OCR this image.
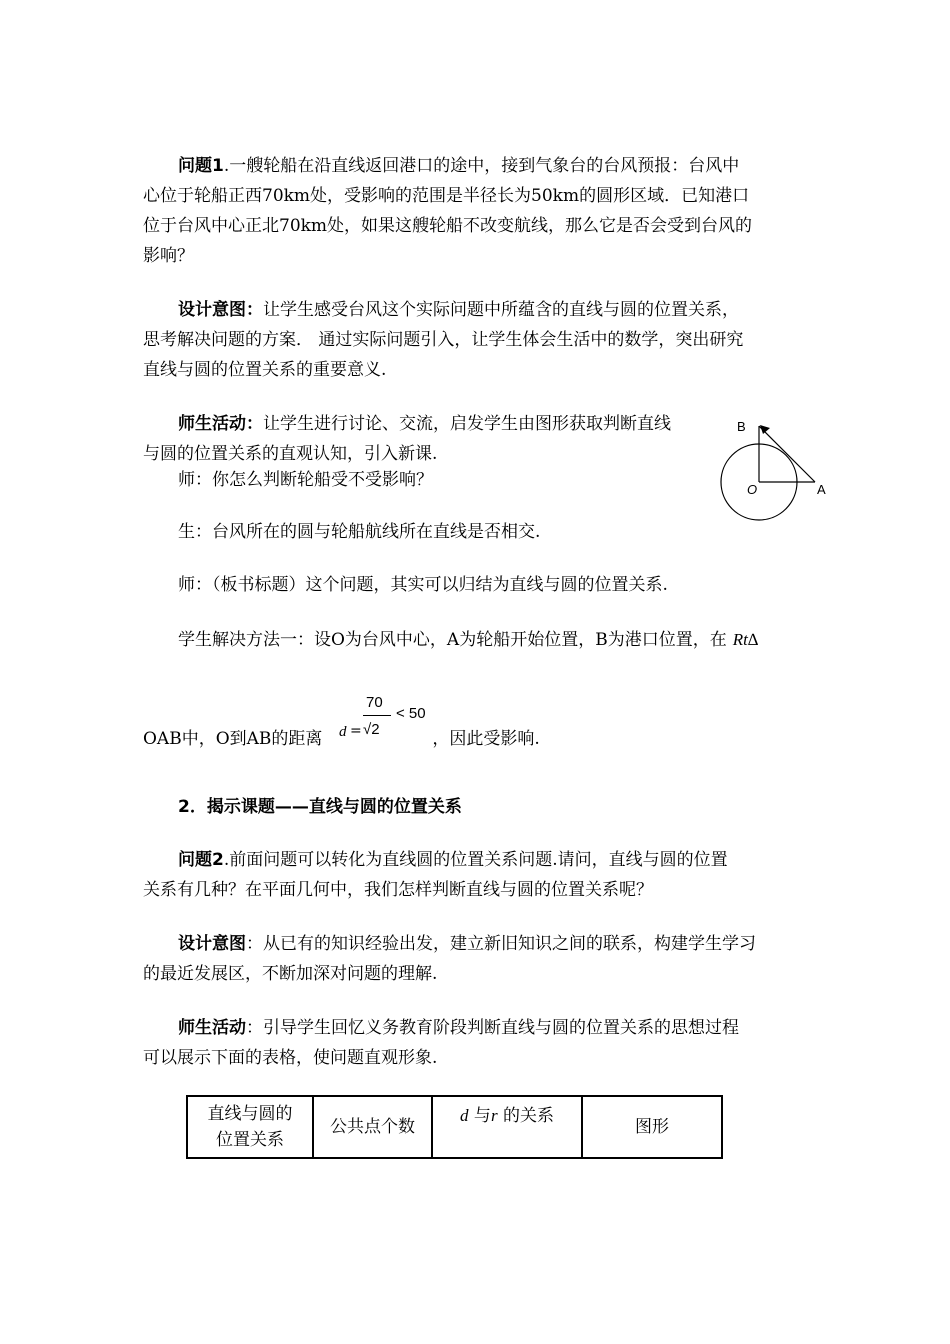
问题1.一艘轮船在沿直线返回港口的途中，接到气象台的台风预报：台风中
心位于轮船正西70km处，受影响的范围是半径长为50km的圆形区域．已知港口
位于台风中心正北70km处，如果这艘轮船不改变航线，那么它是否会受到台风的
影响？
设计意图：让学生感受台风这个实际问题中所蕴含的直线与圆的位置关系，
思考解决问题的方案． 通过实际问题引入，让学生体会生活中的数学，突出研究
直线与圆的位置关系的重要意义.
师生活动：让学生进行讨论、交流，启发学生由图形获取判断直线
与圆的位置关系的直观认知，引入新课.
B
O	A
师：你怎么判断轮船受不受影响？
生：台风所在的圆与轮船航线所在直线是否相交.
师：（板书标题）这个问题，其实可以归结为直线与圆的位置关系.
学生解决方法一：设O为台风中心，A为轮船开始位置，B为港口位置，在 Rt∆
d =
70
√2
< 50
OAB中，O到AB的距离	，因此受影响.
2．揭示课题——直线与圆的位置关系
问题2.前面问题可以转化为直线圆的位置关系问题.请问，直线与圆的位置
关系有几种？在平面几何中，我们怎样判断直线与圆的位置关系呢？
设计意图：从已有的知识经验出发，建立新旧知识之间的联系，构建学生学习
的最近发展区，不断加深对问题的理解.
师生活动：引导学生回忆义务教育阶段判断直线与圆的位置关系的思想过程
可以展示下面的表格，使问题直观形象.
直线与圆的
位置关系	公共点个数	d 与r 的关系	图形
